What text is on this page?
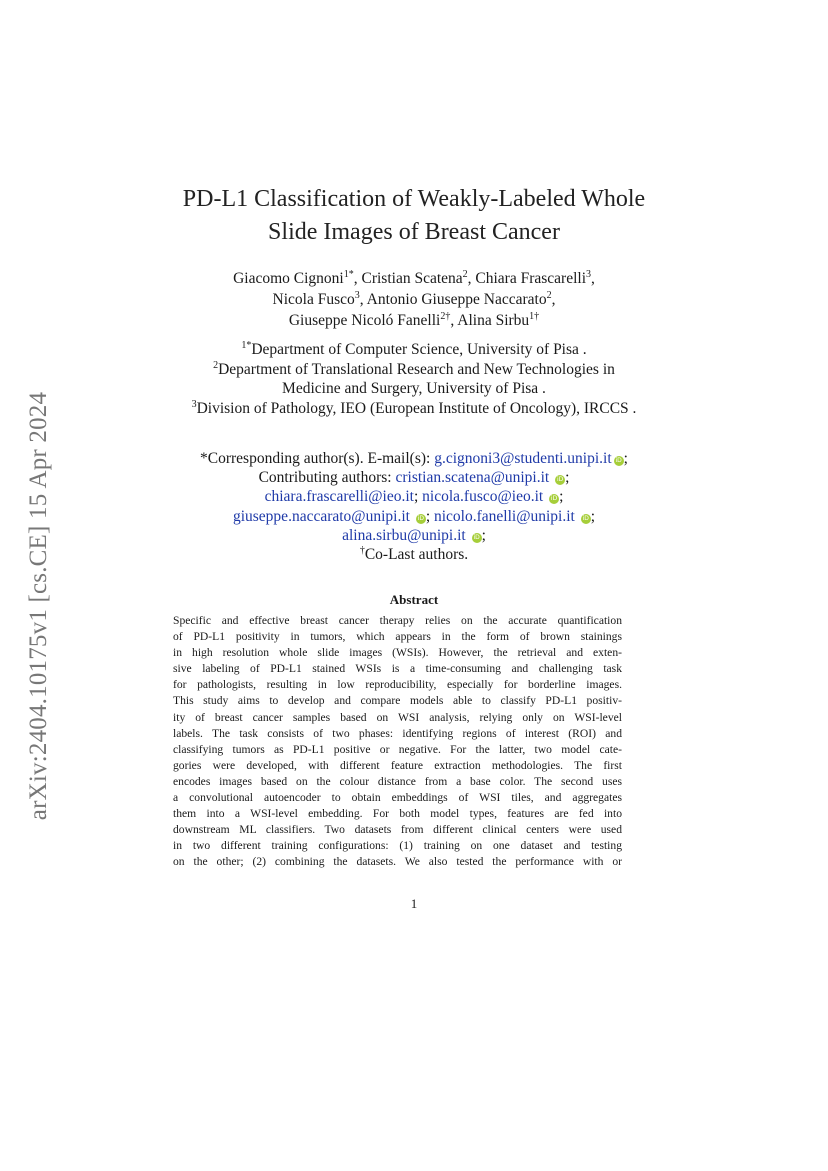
arXiv:2404.10175v1 [cs.CE] 15 Apr 2024
PD-L1 Classification of Weakly-Labeled Whole
Slide Images of Breast Cancer
Giacomo Cignoni$^{1*}$, Cristian Scatena$^2$, Chiara Frascarelli$^3$,
Nicola Fusco$^3$, Antonio Giuseppe Naccarato$^2$,
Giuseppe Nicoló Fanelli$^{2\dagger}$, Alina Sirbu$^{1\dagger}$
$^{1*}$Department of Computer Science, University of Pisa .
$^2$Department of Translational Research and New Technologies in
Medicine and Surgery, University of Pisa .
$^3$Division of Pathology, IEO (European Institute of Oncology), IRCCS .
*Corresponding author(s). E-mail(s): g.cignoni3@studenti.unipi.it iD ;
Contributing authors: cristian.scatena@unipi.it iD ;
chiara.frascarelli@ieo.it; nicola.fusco@ieo.it iD ;
giuseppe.naccarato@unipi.it iD ; nicolo.fanelli@unipi.it iD ;
alina.sirbu@unipi.it iD ;
†Co-Last authors.
Abstract
Specific and effective breast cancer therapy relies on the accurate quantification
of PD-L1 positivity in tumors, which appears in the form of brown stainings
in high resolution whole slide images (WSIs). However, the retrieval and exten-
sive labeling of PD-L1 stained WSIs is a time-consuming and challenging task
for pathologists, resulting in low reproducibility, especially for borderline images.
This study aims to develop and compare models able to classify PD-L1 positiv-
ity of breast cancer samples based on WSI analysis, relying only on WSI-level
labels. The task consists of two phases: identifying regions of interest (ROI) and
classifying tumors as PD-L1 positive or negative. For the latter, two model cate-
gories were developed, with different feature extraction methodologies. The first
encodes images based on the colour distance from a base color. The second uses
a convolutional autoencoder to obtain embeddings of WSI tiles, and aggregates
them into a WSI-level embedding. For both model types, features are fed into
downstream ML classifiers. Two datasets from different clinical centers were used
in two different training configurations: (1) training on one dataset and testing
on the other; (2) combining the datasets. We also tested the performance with or
1
